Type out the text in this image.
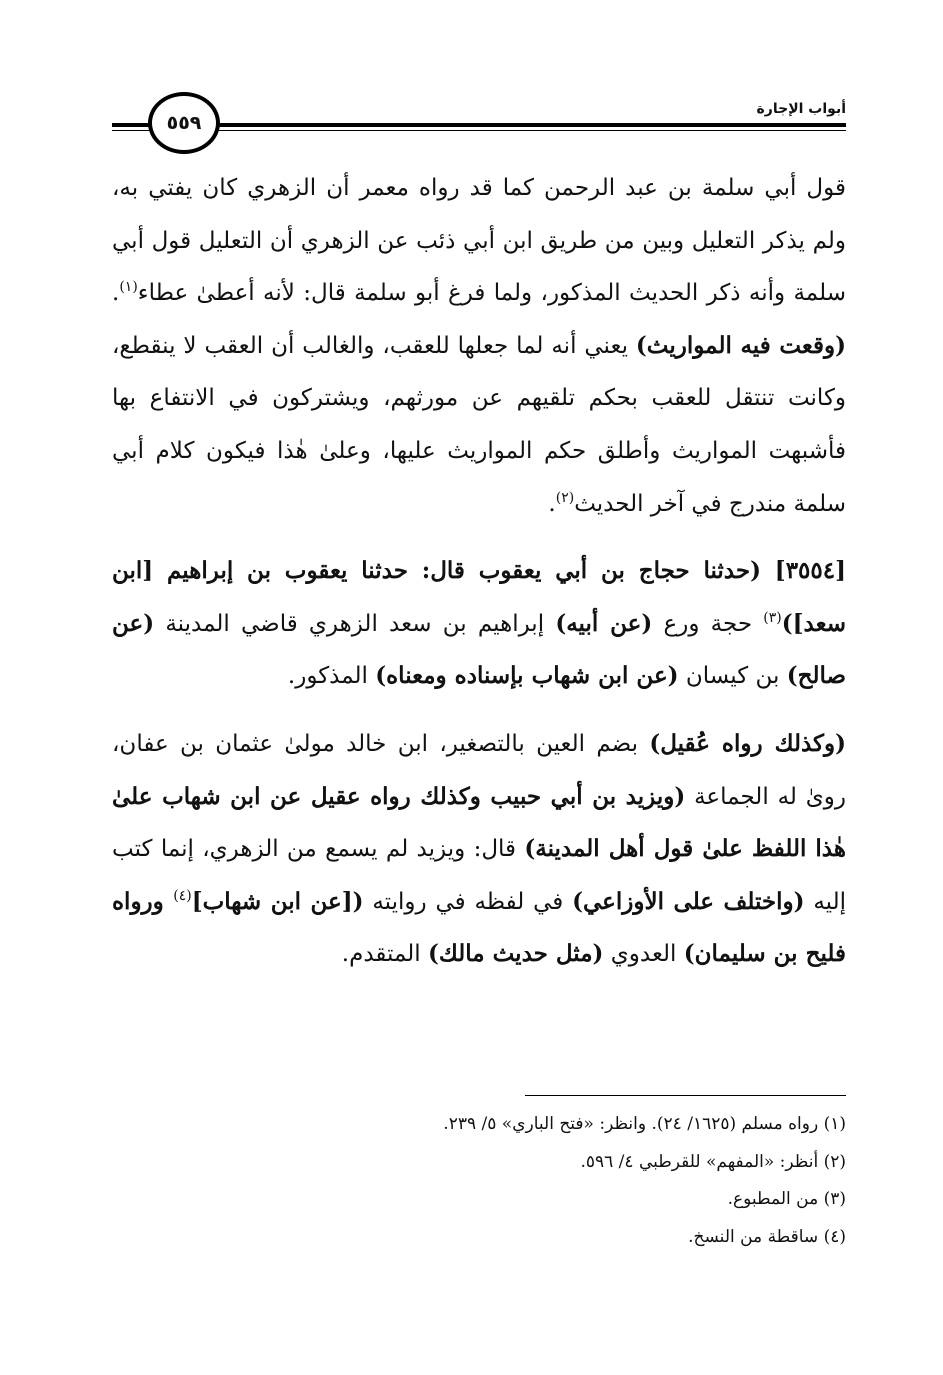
أبواب الإجارة
٥٥٩

قول أبي سلمة بن عبد الرحمن كما قد رواه معمر أن الزهري كان يفتي به، ولم يذكر التعليل وبين من طريق ابن أبي ذئب عن الزهري أن التعليل قول أبي سلمة وأنه ذكر الحديث المذكور، ولما فرغ أبو سلمة قال: لأنه أعطىٰ عطاء$^{(١)}$. (وقعت فيه المواريث) يعني أنه لما جعلها للعقب، والغالب أن العقب لا ينقطع، وكانت تنتقل للعقب بحكم تلقيهم عن مورثهم، ويشتركون في الانتفاع بها فأشبهت المواريث وأطلق حكم المواريث عليها، وعلىٰ هٰذا فيكون كلام أبي سلمة مندرج في آخر الحديث$^{(٢)}$.

[٣٥٥٤] (حدثنا حجاج بن أبي يعقوب قال: حدثنا يعقوب بن إبراهيم [ابن سعد])$^{(٣)}$ حجة ورع (عن أبيه) إبراهيم بن سعد الزهري قاضي المدينة (عن صالح) بن كيسان (عن ابن شهاب بإسناده ومعناه) المذكور.

(وكذلك رواه عُقيل) بضم العين بالتصغير، ابن خالد مولىٰ عثمان بن عفان، روىٰ له الجماعة (ويزيد بن أبي حبيب وكذلك رواه عقيل عن ابن شهاب علىٰ هٰذا اللفظ علىٰ قول أهل المدينة) قال: ويزيد لم يسمع من الزهري، إنما كتب إليه (واختلف على الأوزاعي) في لفظه في روايته ([عن ابن شهاب]$^{(٤)}$ ورواه فليح بن سليمان) العدوي (مثل حديث مالك) المتقدم.

(١) رواه مسلم (١٦٢٥/ ٢٤). وانظر: «فتح الباري» ٥/ ٢٣٩.

(٢) أنظر: «المفهم» للقرطبي ٤/ ٥٩٦.

(٣) من المطبوع.

(٤) ساقطة من النسخ.
